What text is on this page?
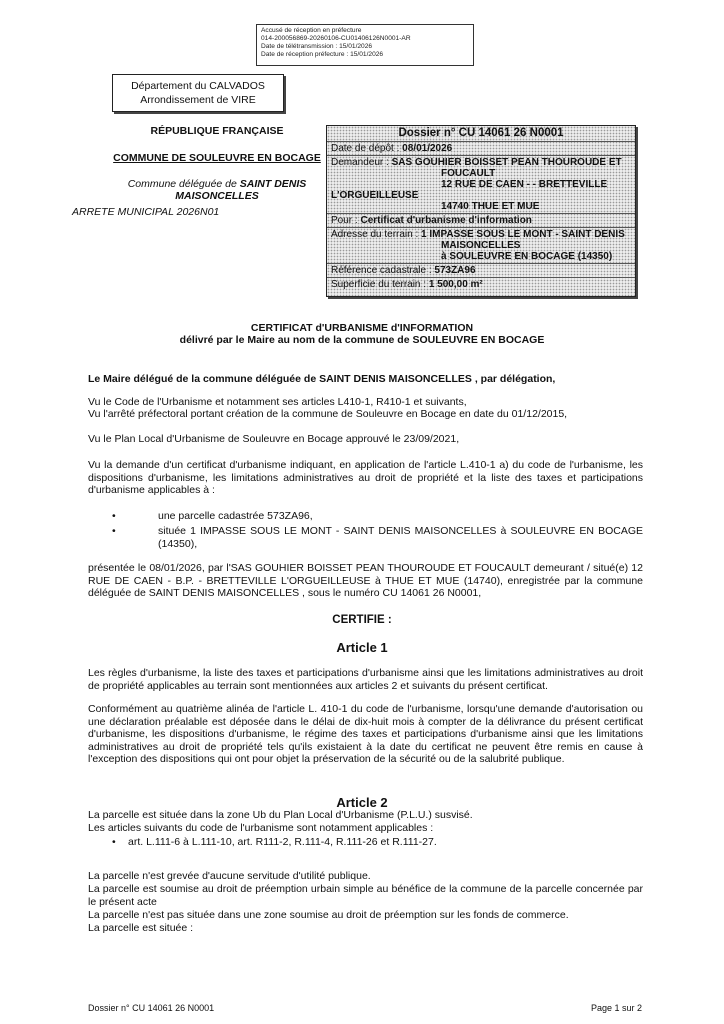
Accusé de réception en préfecture
014-200056869-20260106-CU01406126N0001-AR
Date de télétransmission : 15/01/2026
Date de réception préfecture : 15/01/2026
Département du CALVADOS
Arrondissement de VIRE
RÉPUBLIQUE FRANÇAISE
COMMUNE DE SOULEUVRE EN BOCAGE
Commune déléguée de SAINT DENIS
MAISONCELLES
ARRETE MUNICIPAL 2026N01
Dossier n° CU 14061 26 N0001
Date de dépôt : 08/01/2026
Demandeur : SAS GOUHIER BOISSET PEAN THOUROUDE ET
FOUCAULT
12 RUE DE CAEN - - BRETTEVILLE
L'ORGUEILLEUSE
14740 THUE ET MUE
Pour : Certificat d'urbanisme d'information
Adresse du terrain : 1 IMPASSE SOUS LE MONT - SAINT DENIS
MAISONCELLES
à SOULEUVRE EN BOCAGE (14350)
Référence cadastrale : 573ZA96
Superficie du terrain : 1 500,00 m²
CERTIFICAT d'URBANISME d'INFORMATION
délivré par le Maire au nom de la commune de SOULEUVRE EN BOCAGE
Le Maire délégué de la commune déléguée de SAINT DENIS MAISONCELLES , par délégation,
Vu le Code de l'Urbanisme et notamment ses articles L410-1, R410-1 et suivants,
Vu l'arrêté préfectoral portant création de la commune de Souleuvre en Bocage en date du 01/12/2015,
Vu le Plan Local d'Urbanisme de Souleuvre en Bocage approuvé le 23/09/2021,
Vu la demande d'un certificat d'urbanisme indiquant, en application de l'article L.410-1 a) du code de l'urbanisme, les dispositions d'urbanisme, les limitations administratives au droit de propriété et la liste des taxes et participations d'urbanisme applicables à :
•	une parcelle cadastrée 573ZA96,
•	située 1 IMPASSE SOUS LE MONT - SAINT DENIS MAISONCELLES à SOULEUVRE EN BOCAGE (14350),
présentée le 08/01/2026, par l'SAS GOUHIER BOISSET PEAN THOUROUDE ET FOUCAULT demeurant / situé(e) 12 RUE DE CAEN - B.P. - BRETTEVILLE L'ORGUEILLEUSE à THUE ET MUE (14740), enregistrée par la commune déléguée de SAINT DENIS MAISONCELLES , sous le numéro CU 14061 26 N0001,
CERTIFIE :
Article 1
Les règles d'urbanisme, la liste des taxes et participations d'urbanisme ainsi que les limitations administratives au droit de propriété applicables au terrain sont mentionnées aux articles 2 et suivants du présent certificat.
Conformément au quatrième alinéa de l'article L. 410-1 du code de l'urbanisme, lorsqu'une demande d'autorisation ou une déclaration préalable est déposée dans le délai de dix-huit mois à compter de la délivrance du présent certificat d'urbanisme, les dispositions d'urbanisme, le régime des taxes et participations d'urbanisme ainsi que les limitations administratives au droit de propriété tels qu'ils existaient à la date du certificat ne peuvent être remis en cause à l'exception des dispositions qui ont pour objet la préservation de la sécurité ou de la salubrité publique.
Article 2
La parcelle est située dans la zone Ub du Plan Local d'Urbanisme (P.L.U.) susvisé.
Les articles suivants du code de l'urbanisme sont notamment applicables :
• art. L.111-6 à L.111-10, art. R111-2, R.111-4, R.111-26 et R.111-27.
La parcelle n'est grevée d'aucune servitude d'utilité publique.
La parcelle est soumise au droit de préemption urbain simple au bénéfice de la commune de la parcelle concernée par le présent acte
La parcelle n'est pas située dans une zone soumise au droit de préemption sur les fonds de commerce.
La parcelle est située :
Dossier n° CU 14061 26 N0001	Page 1 sur 2
